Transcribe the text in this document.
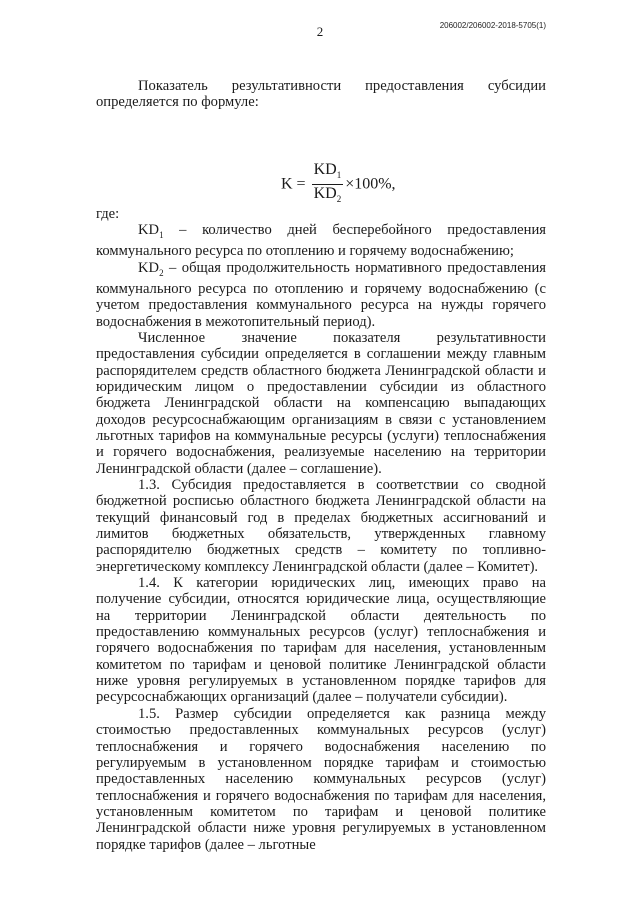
2	206002/206002-2018-5705(1)

Показатель результативности предоставления субсидии определяется по формуле:

$K = \frac{KD_1}{KD_2} \times 100\%$,

где:

$KD_1$ – количество дней бесперебойного предоставления коммунального ресурса по отоплению и горячему водоснабжению;

$KD_2$ – общая продолжительность нормативного предоставления коммунального ресурса по отоплению и горячему водоснабжению (с учетом предоставления коммунального ресурса на нужды горячего водоснабжения в межотопительный период).

Численное значение показателя результативности предоставления субсидии определяется в соглашении между главным распорядителем средств областного бюджета Ленинградской области и юридическим лицом о предоставлении субсидии из областного бюджета Ленинградской области на компенсацию выпадающих доходов ресурсоснабжающим организациям в связи с установлением льготных тарифов на коммунальные ресурсы (услуги) теплоснабжения и горячего водоснабжения, реализуемые населению на территории Ленинградской области (далее – соглашение).

1.3. Субсидия предоставляется в соответствии со сводной бюджетной росписью областного бюджета Ленинградской области на текущий финансовый год в пределах бюджетных ассигнований и лимитов бюджетных обязательств, утвержденных главному распорядителю бюджетных средств – комитету по топливно-энергетическому комплексу Ленинградской области (далее – Комитет).

1.4. К категории юридических лиц, имеющих право на получение субсидии, относятся юридические лица, осуществляющие на территории Ленинградской области деятельность по предоставлению коммунальных ресурсов (услуг) теплоснабжения и горячего водоснабжения по тарифам для населения, установленным комитетом по тарифам и ценовой политике Ленинградской области ниже уровня регулируемых в установленном порядке тарифов для ресурсоснабжающих организаций (далее – получатели субсидии).

1.5. Размер субсидии определяется как разница между стоимостью предоставленных коммунальных ресурсов (услуг) теплоснабжения и горячего водоснабжения населению по регулируемым в установленном порядке тарифам и стоимостью предоставленных населению коммунальных ресурсов (услуг) теплоснабжения и горячего водоснабжения по тарифам для населения, установленным комитетом по тарифам и ценовой политике Ленинградской области ниже уровня регулируемых в установленном порядке тарифов (далее – льготные
